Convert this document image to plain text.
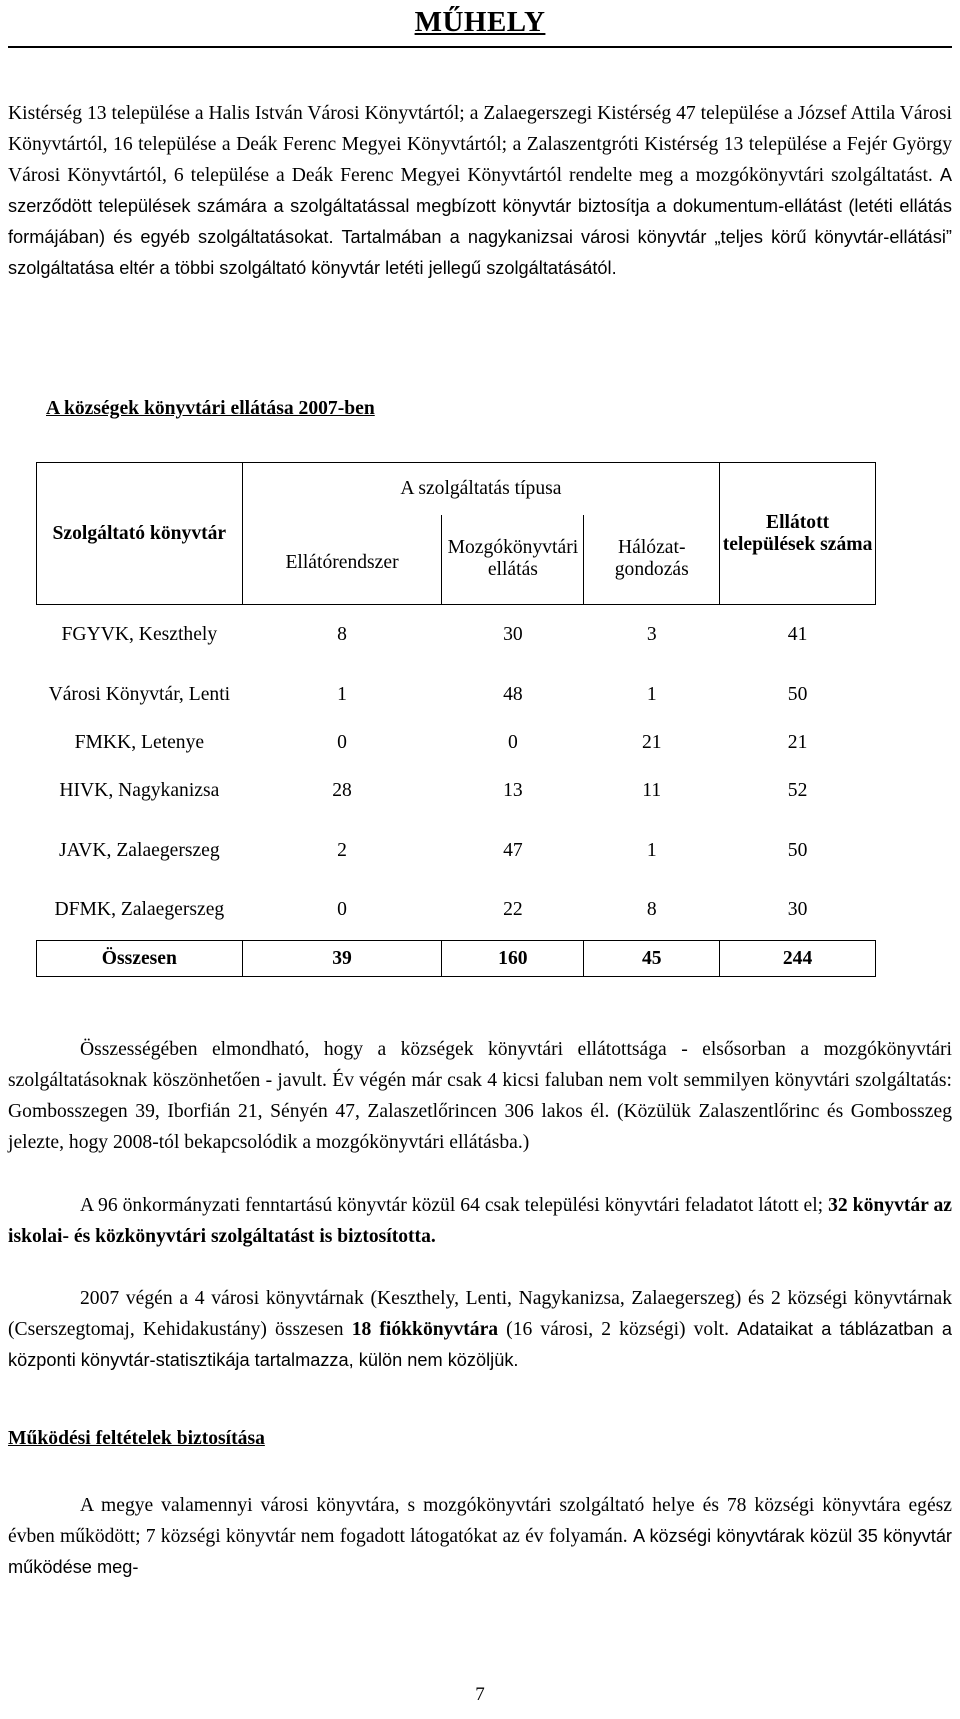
MŰHELY

Kistérség 13 települése a Halis István Városi Könyvtártól; a Zalaegerszegi Kistérség 47 települése a József Attila Városi Könyvtártól, 16 települése a Deák Ferenc Megyei Könyvtártól; a Zalaszentgróti Kistérség 13 települése a Fejér György Városi Könyvtártól, 6 települése a Deák Ferenc Megyei Könyvtártól rendelte meg a mozgókönyvtári szolgáltatást. A szerződött települések számára a szolgáltatással megbízott könyvtár biztosítja a dokumentum-ellátást (letéti ellátás formájában) és egyéb szolgáltatásokat. Tartalmában a nagykanizsai városi könyvtár „teljes körű könyvtár-ellátási” szolgáltatása eltér a többi szolgáltató könyvtár letéti jellegű szolgáltatásától.

A községek könyvtári ellátása 2007-ben
Szolgáltató könyvtár	A szolgáltatás típusa			Ellátott települések száma
	Ellátórendszer	Mozgókönyvtári ellátás	Hálózat-gondozás	
FGYVK, Keszthely	8	30	3	41
Városi Könyvtár, Lenti	1	48	1	50
FMKK, Letenye	0	0	21	21
HIVK, Nagykanizsa	28	13	11	52
JAVK, Zalaegerszeg	2	47	1	50
DFMK, Zalaegerszeg	0	22	8	30
Összesen	39	160	45	244

Összességében elmondható, hogy a községek könyvtári ellátottsága - elsősorban a mozgókönyvtári szolgáltatásoknak köszönhetően - javult. Év végén már csak 4 kicsi faluban nem volt semmilyen könyvtári szolgáltatás: Gombosszegen 39, Iborfián 21, Sényén 47, Zalaszetlőrincen 306 lakos él. (Közülük Zalaszentlőrinc és Gombosszeg jelezte, hogy 2008-tól bekapcsolódik a mozgókönyvtári ellátásba.)

A 96 önkormányzati fenntartású könyvtár közül 64 csak települési könyvtári feladatot látott el; 32 könyvtár az iskolai- és közkönyvtári szolgáltatást is biztosította.

2007 végén a 4 városi könyvtárnak (Keszthely, Lenti, Nagykanizsa, Zalaegerszeg) és 2 községi könyvtárnak (Cserszegtomaj, Kehidakustány) összesen 18 fiókkönyvtára (16 városi, 2 községi) volt. Adataikat a táblázatban a központi könyvtár-statisztikája tartalmazza, külön nem közöljük.

Működési feltételek biztosítása

A megye valamennyi városi könyvtára, s mozgókönyvtári szolgáltató helye és 78 községi könyvtára egész évben működött; 7 községi könyvtár nem fogadott látogatókat az év folyamán. A községi könyvtárak közül 35 könyvtár működése meg-

7
